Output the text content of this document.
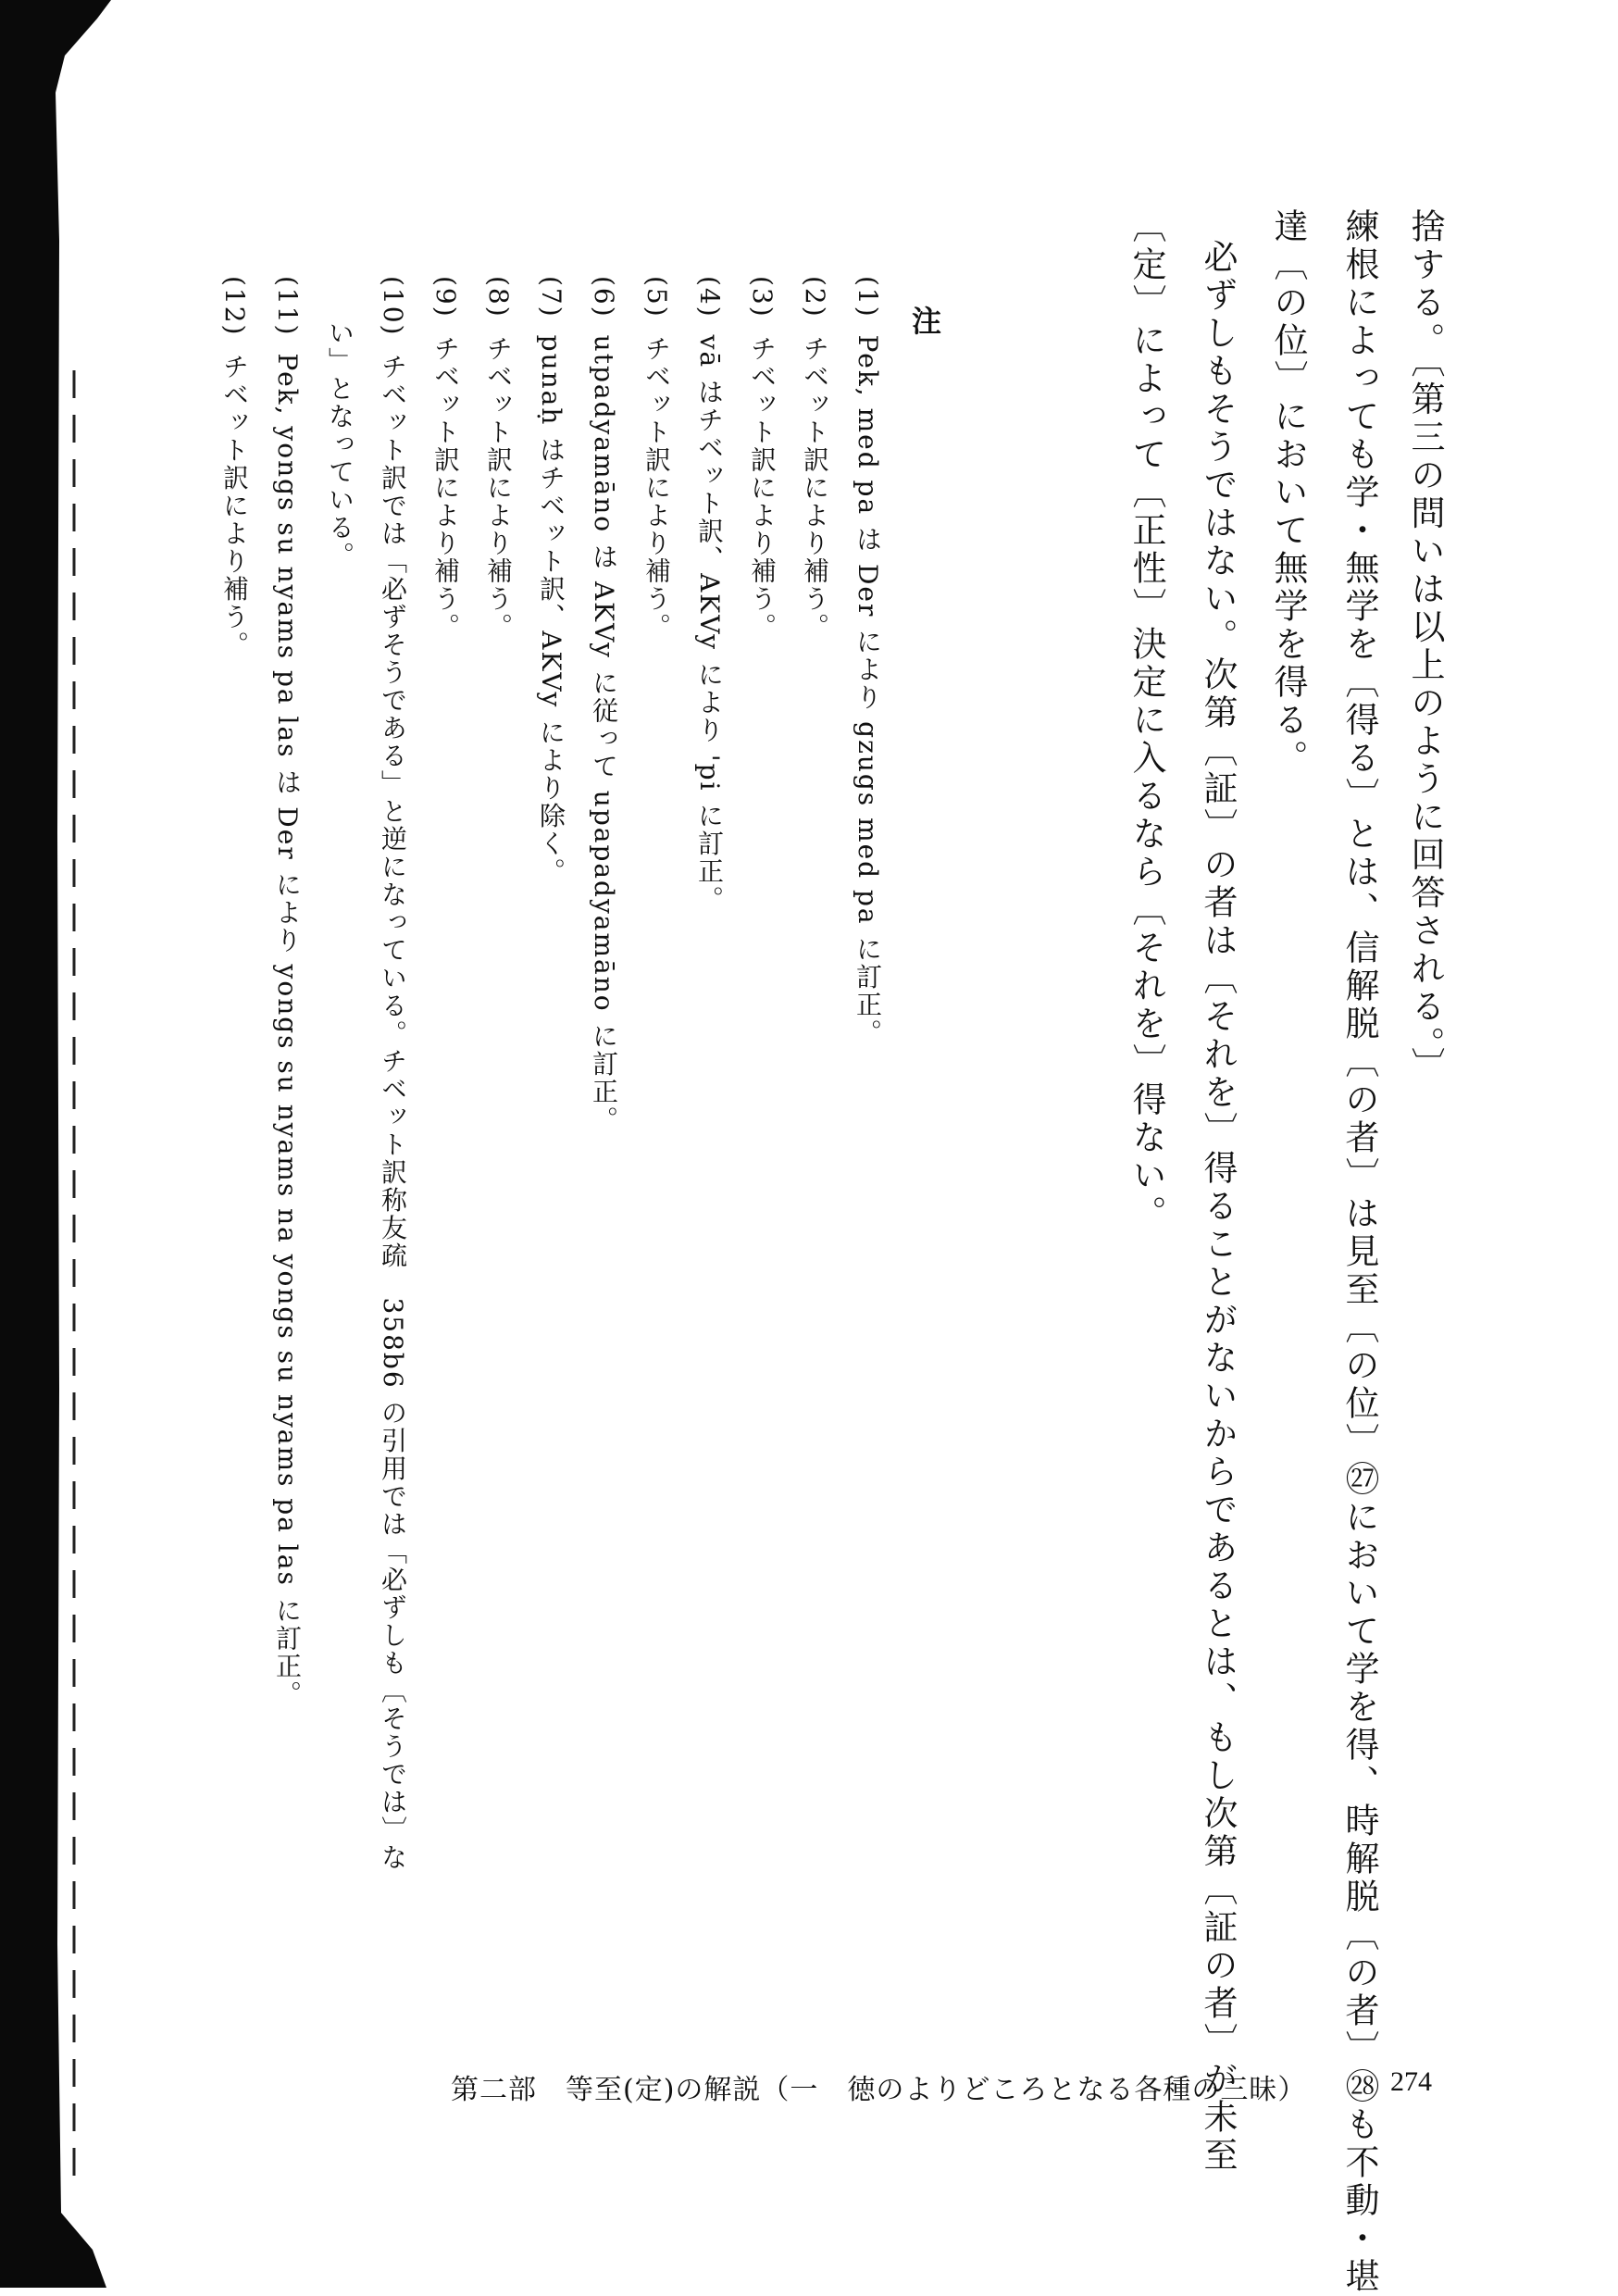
捨する。〔第三の問いは以上のように回答される。〕
練根によっても学・無学を〔得る〕とは、信解脱〔の者〕は見至〔の位〕㉗において学を得、時解脱〔の者〕㉘も不動・堪
達〔の位〕において無学を得る。
必ずしもそうではない。次第〔証〕の者は〔それを〕得ることがないからであるとは、もし次第〔証の者〕が未至
〔定〕によって〔正性〕決定に入るなら〔それを〕得ない。
注
(1)Pek, med pa は Der により gzugs med pa に訂正。
(2)チベット訳により補う。
(3)チベット訳により補う。
(4)vā はチベット訳、AKVy により 'pi に訂正。
(5)チベット訳により補う。
(6)utpadyamāno は AKVy に従って upapadyamāno に訂正。
(7)punaḥ はチベット訳、AKVy により除く。
(8)チベット訳により補う。
(9)チベット訳により補う。
(10)チベット訳では「必ずそうである」と逆になっている。チベット訳称友疏　358b6 の引用では「必ずしも〔そうでは〕な
い」となっている。
(11)Pek, yongs su nyams pa las は Der により yongs su nyams na yongs su nyams pa las に訂正。
(12)チベット訳により補う。
第二部　等至(定)の解説（一　徳のよりどころとなる各種の三昧）	274
